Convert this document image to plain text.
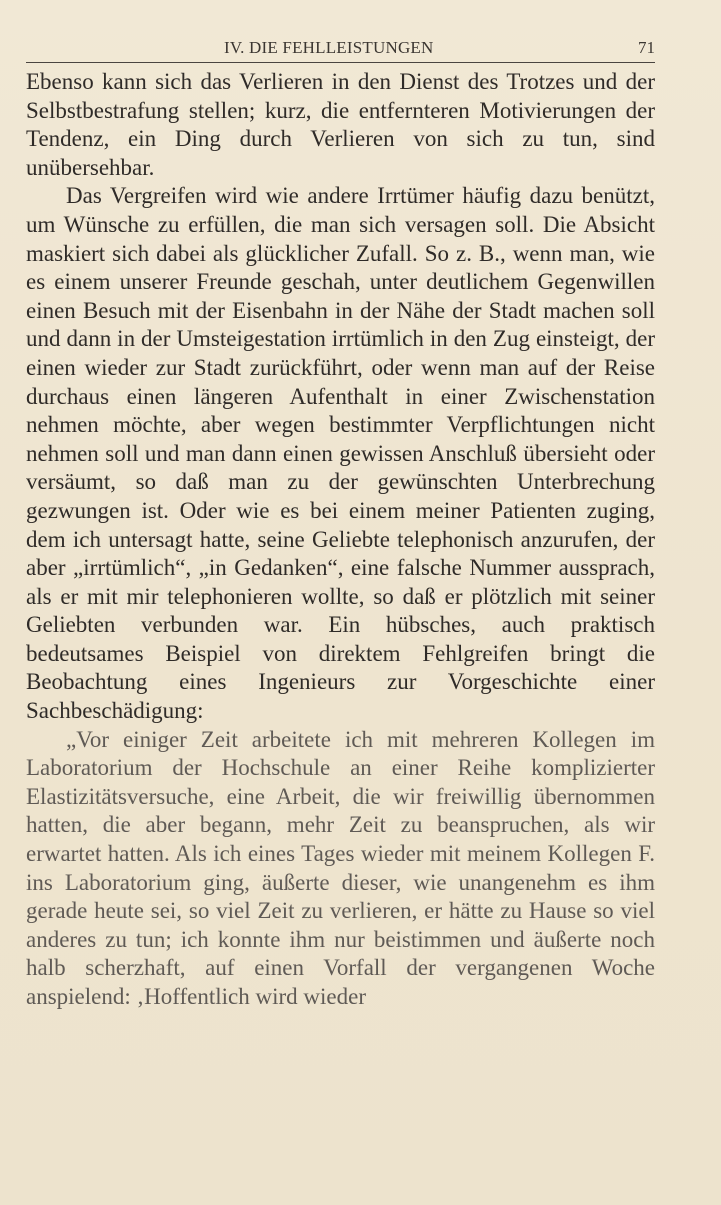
IV. DIE FEHLLEISTUNGEN	71

Ebenso kann sich das Verlieren in den Dienst des Trotzes und der Selbstbestrafung stellen; kurz, die entfernteren Motivierungen der Tendenz, ein Ding durch Verlieren von sich zu tun, sind unübersehbar.

Das Vergreifen wird wie andere Irrtümer häufig dazu benützt, um Wünsche zu erfüllen, die man sich versagen soll. Die Absicht maskiert sich dabei als glücklicher Zufall. So z. B., wenn man, wie es einem unserer Freunde geschah, unter deutlichem Gegenwillen einen Besuch mit der Eisenbahn in der Nähe der Stadt machen soll und dann in der Umsteigestation irrtümlich in den Zug einsteigt, der einen wieder zur Stadt zurückführt, oder wenn man auf der Reise durchaus einen längeren Aufenthalt in einer Zwischenstation nehmen möchte, aber wegen bestimmter Verpflichtungen nicht nehmen soll und man dann einen gewissen Anschluß übersieht oder versäumt, so daß man zu der gewünschten Unterbrechung gezwungen ist. Oder wie es bei einem meiner Patienten zuging, dem ich untersagt hatte, seine Geliebte telephonisch anzurufen, der aber „irrtümlich“, „in Gedanken“, eine falsche Nummer aussprach, als er mit mir telephonieren wollte, so daß er plötzlich mit seiner Geliebten verbunden war. Ein hübsches, auch praktisch bedeutsames Beispiel von direktem Fehlgreifen bringt die Beobachtung eines Ingenieurs zur Vorgeschichte einer Sachbeschädigung:

„Vor einiger Zeit arbeitete ich mit mehreren Kollegen im Laboratorium der Hochschule an einer Reihe komplizierter Elastizitätsversuche, eine Arbeit, die wir freiwillig übernommen hatten, die aber begann, mehr Zeit zu beanspruchen, als wir erwartet hatten. Als ich eines Tages wieder mit meinem Kollegen F. ins Laboratorium ging, äußerte dieser, wie unangenehm es ihm gerade heute sei, so viel Zeit zu verlieren, er hätte zu Hause so viel anderes zu tun; ich konnte ihm nur beistimmen und äußerte noch halb scherzhaft, auf einen Vorfall der vergangenen Woche anspielend: ‚Hoffentlich wird wieder
